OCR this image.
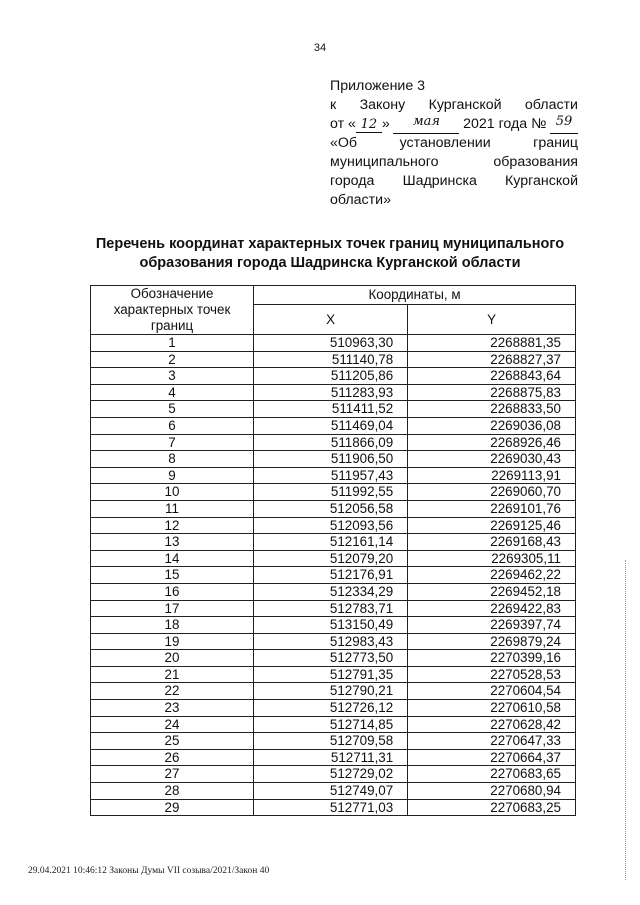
34
Приложение 3
к Закону Курганской области
от « 12 »	мая	2021 года № 59
«Об	установлении	границ
муниципального	образования
города Шадринска Курганской
области»
Перечень координат характерных точек границ муниципального
образования города Шадринска Курганской области
Обозначение характерных точек границ	Координаты, м	
	X	Y
1	510963,30	2268881,35
2	511140,78	2268827,37
3	511205,86	2268843,64
4	511283,93	2268875,83
5	511411,52	2268833,50
6	511469,04	2269036,08
7	511866,09	2268926,46
8	511906,50	2269030,43
9	511957,43	2269113,91
10	511992,55	2269060,70
11	512056,58	2269101,76
12	512093,56	2269125,46
13	512161,14	2269168,43
14	512079,20	2269305,11
15	512176,91	2269462,22
16	512334,29	2269452,18
17	512783,71	2269422,83
18	513150,49	2269397,74
19	512983,43	2269879,24
20	512773,50	2270399,16
21	512791,35	2270528,53
22	512790,21	2270604,54
23	512726,12	2270610,58
24	512714,85	2270628,42
25	512709,58	2270647,33
26	512711,31	2270664,37
27	512729,02	2270683,65
28	512749,07	2270680,94
29	512771,03	2270683,25
29.04.2021 10:46:12 Законы Думы VII созыва/2021/Закон 40
